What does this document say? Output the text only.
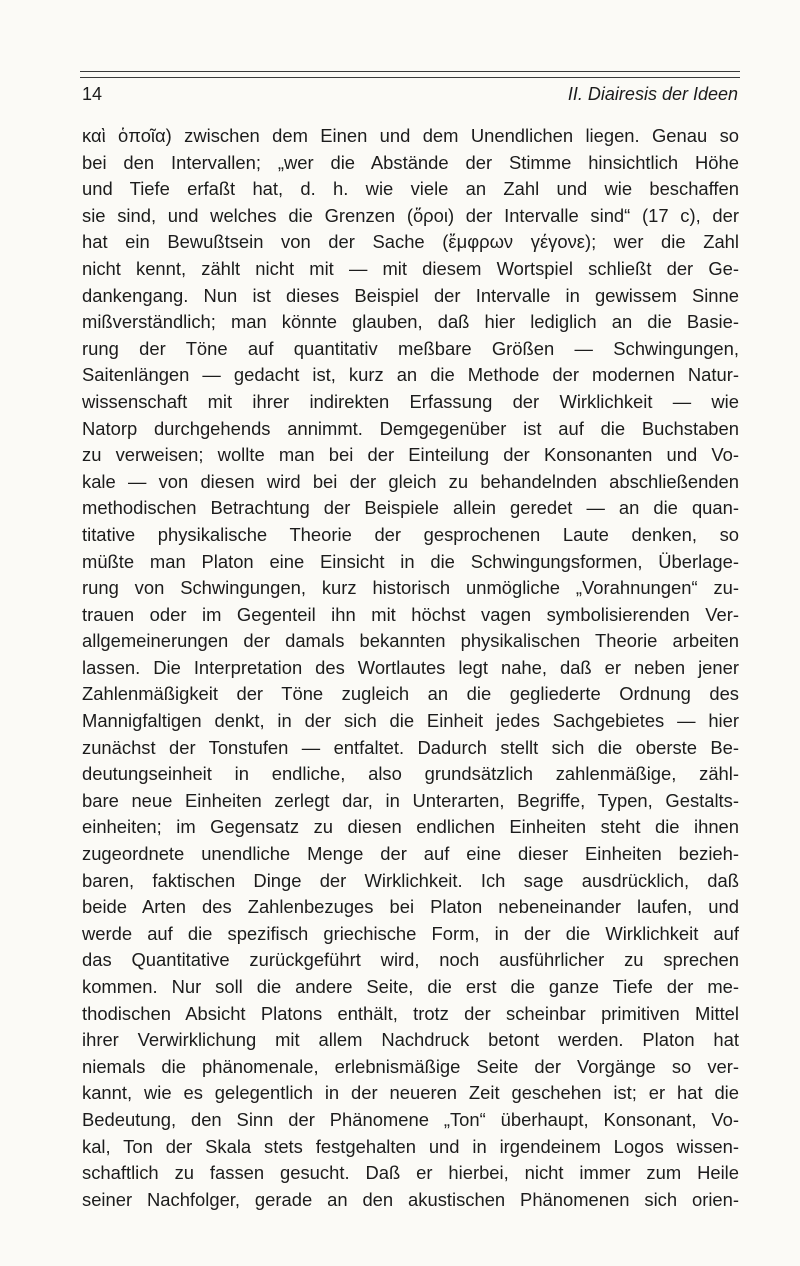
14	II. Diairesis der Ideen
καὶ ὁποῖα) zwischen dem Einen und dem Unendlichen liegen. Genau so
bei den Intervallen; „wer die Abstände der Stimme hinsichtlich Höhe
und Tiefe erfaßt hat, d. h. wie viele an Zahl und wie beschaffen
sie sind, und welches die Grenzen (ὅροι) der Intervalle sind“ (17 c), der
hat ein Bewußtsein von der Sache (ἔμφρων γέγονε); wer die Zahl
nicht kennt, zählt nicht mit — mit diesem Wortspiel schließt der Ge-
dankengang. Nun ist dieses Beispiel der Intervalle in gewissem Sinne
mißverständlich; man könnte glauben, daß hier lediglich an die Basie-
rung der Töne auf quantitativ meßbare Größen — Schwingungen,
Saitenlängen — gedacht ist, kurz an die Methode der modernen Natur-
wissenschaft mit ihrer indirekten Erfassung der Wirklichkeit — wie
Natorp durchgehends annimmt. Demgegenüber ist auf die Buchstaben
zu verweisen; wollte man bei der Einteilung der Konsonanten und Vo-
kale — von diesen wird bei der gleich zu behandelnden abschließenden
methodischen Betrachtung der Beispiele allein geredet — an die quan-
titative physikalische Theorie der gesprochenen Laute denken, so
müßte man Platon eine Einsicht in die Schwingungsformen, Überlage-
rung von Schwingungen, kurz historisch unmögliche „Vorahnungen“ zu-
trauen oder im Gegenteil ihn mit höchst vagen symbolisierenden Ver-
allgemeinerungen der damals bekannten physikalischen Theorie arbeiten
lassen. Die Interpretation des Wortlautes legt nahe, daß er neben jener
Zahlenmäßigkeit der Töne zugleich an die gegliederte Ordnung des
Mannigfaltigen denkt, in der sich die Einheit jedes Sachgebietes — hier
zunächst der Tonstufen — entfaltet. Dadurch stellt sich die oberste Be-
deutungseinheit in endliche, also grundsätzlich zahlenmäßige, zähl-
bare neue Einheiten zerlegt dar, in Unterarten, Begriffe, Typen, Gestalts-
einheiten; im Gegensatz zu diesen endlichen Einheiten steht die ihnen
zugeordnete unendliche Menge der auf eine dieser Einheiten bezieh-
baren, faktischen Dinge der Wirklichkeit. Ich sage ausdrücklich, daß
beide Arten des Zahlenbezuges bei Platon nebeneinander laufen, und
werde auf die spezifisch griechische Form, in der die Wirklichkeit auf
das Quantitative zurückgeführt wird, noch ausführlicher zu sprechen
kommen. Nur soll die andere Seite, die erst die ganze Tiefe der me-
thodischen Absicht Platons enthält, trotz der scheinbar primitiven Mittel
ihrer Verwirklichung mit allem Nachdruck betont werden. Platon hat
niemals die phänomenale, erlebnismäßige Seite der Vorgänge so ver-
kannt, wie es gelegentlich in der neueren Zeit geschehen ist; er hat die
Bedeutung, den Sinn der Phänomene „Ton“ überhaupt, Konsonant, Vo-
kal, Ton der Skala stets festgehalten und in irgendeinem Logos wissen-
schaftlich zu fassen gesucht. Daß er hierbei, nicht immer zum Heile
seiner Nachfolger, gerade an den akustischen Phänomenen sich orien-
